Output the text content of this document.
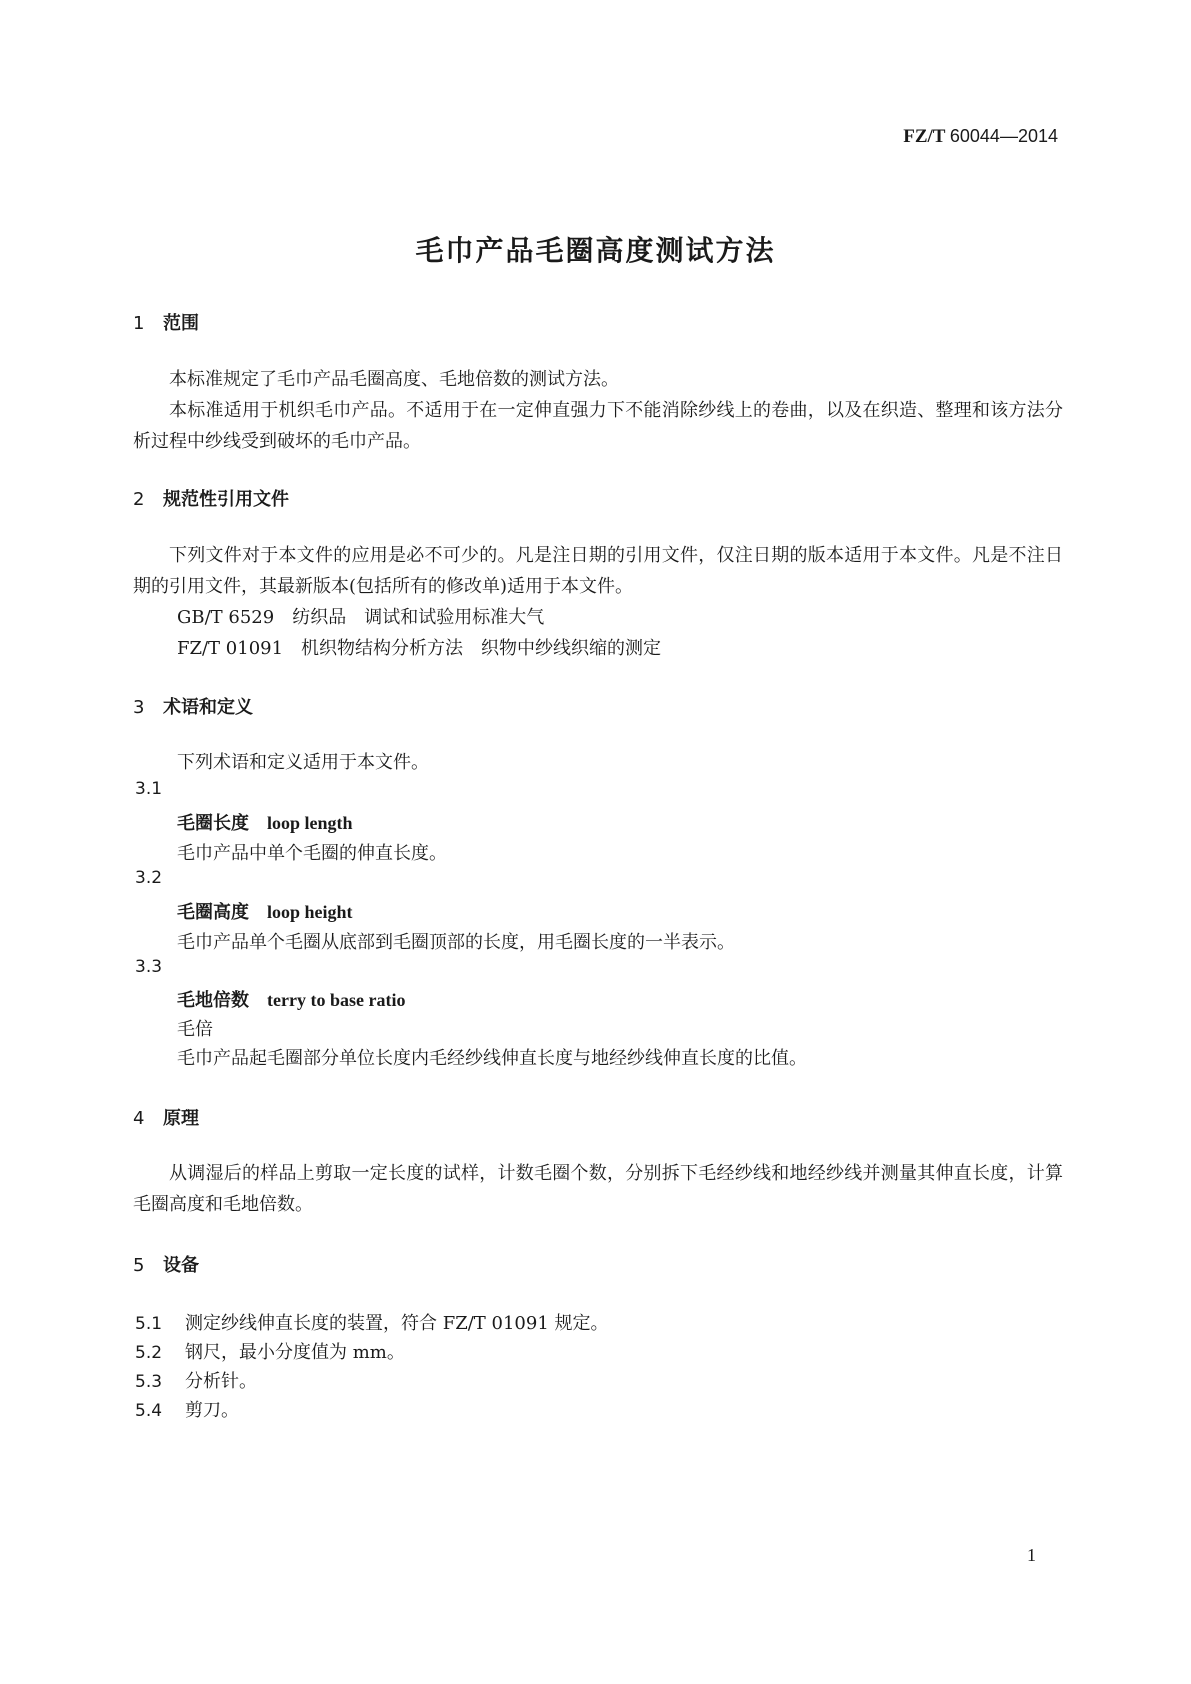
FZ/T 60044—2014
毛巾产品毛圈高度测试方法
1 范围

本标准规定了毛巾产品毛圈高度、毛地倍数的测试方法。

本标准适用于机织毛巾产品。不适用于在一定伸直强力下不能消除纱线上的卷曲，以及在织造、整理和该方法分析过程中纱线受到破坏的毛巾产品。

2 规范性引用文件

下列文件对于本文件的应用是必不可少的。凡是注日期的引用文件，仅注日期的版本适用于本文件。凡是不注日期的引用文件，其最新版本(包括所有的修改单)适用于本文件。

GB/T 6529　纺织品　调试和试验用标准大气
FZ/T 01091　机织物结构分析方法　织物中纱线织缩的测定
3 术语和定义
下列术语和定义适用于本文件。
3.1
毛圈长度 loop length
毛巾产品中单个毛圈的伸直长度。
3.2
毛圈高度 loop height
毛巾产品单个毛圈从底部到毛圈顶部的长度，用毛圈长度的一半表示。
3.3
毛地倍数 terry to base ratio
毛倍
毛巾产品起毛圈部分单位长度内毛经纱线伸直长度与地经纱线伸直长度的比值。
4 原理

从调湿后的样品上剪取一定长度的试样，计数毛圈个数，分别拆下毛经纱线和地经纱线并测量其伸直长度，计算毛圈高度和毛地倍数。

5 设备
5.1 测定纱线伸直长度的装置，符合 FZ/T 01091 规定。
5.2 钢尺，最小分度值为 mm。
5.3 分析针。
5.4 剪刀。
1
